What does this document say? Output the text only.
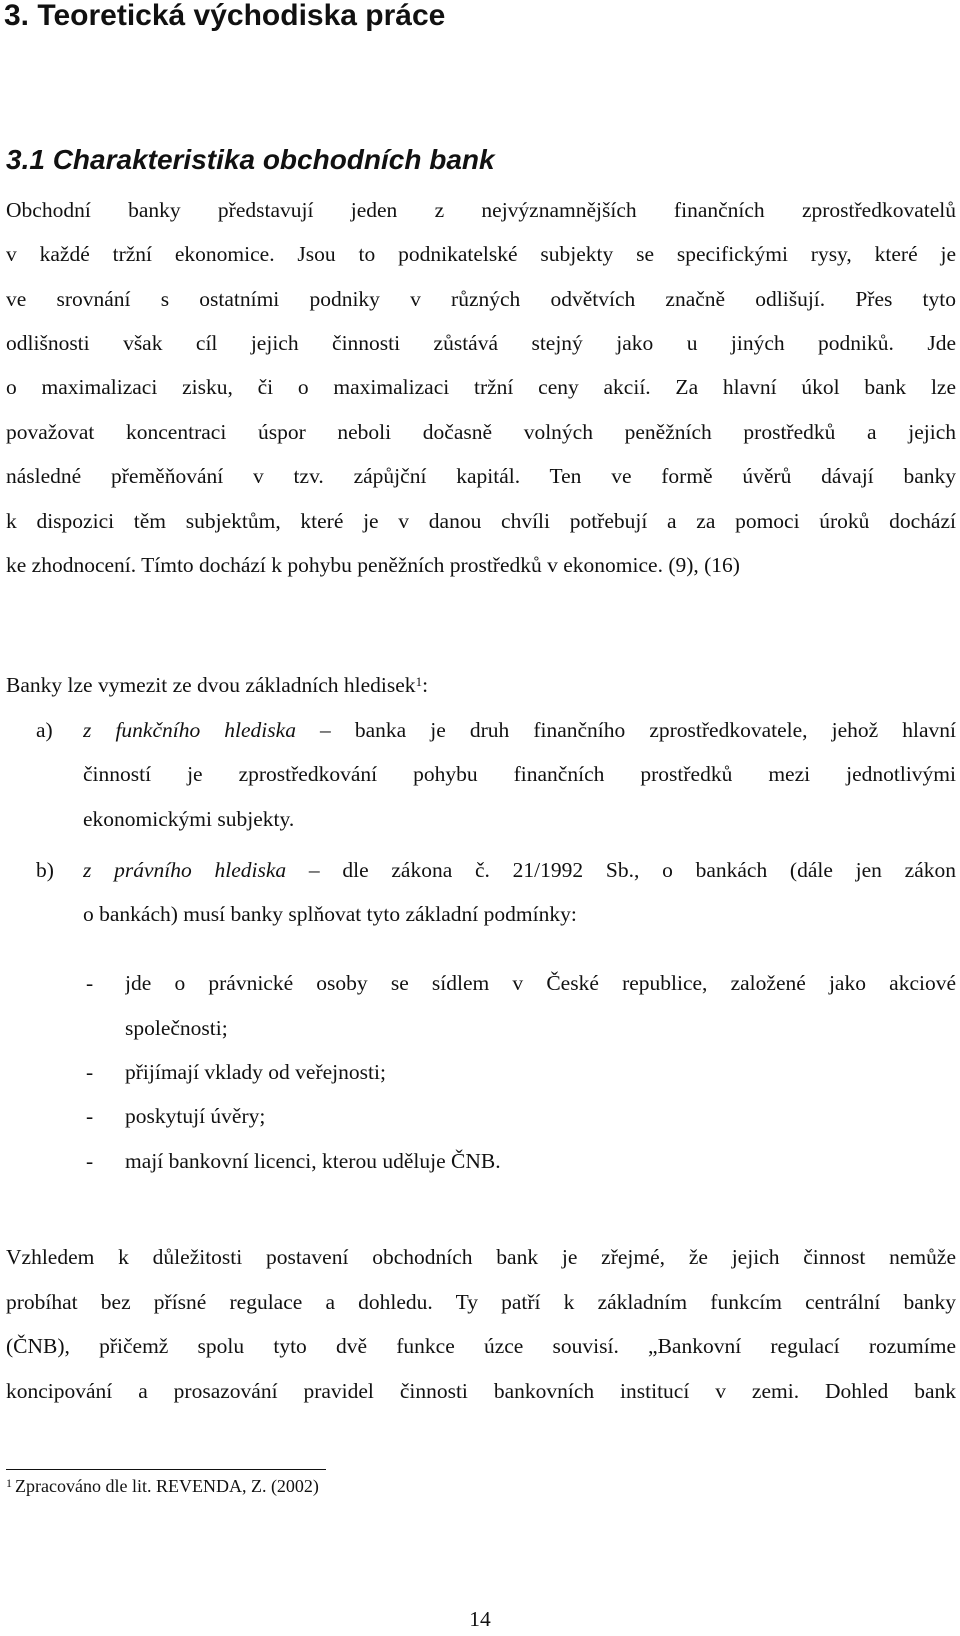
3. Teoretická východiska práce
3.1 Charakteristika obchodních bank
Obchodní banky představují jeden z nejvýznamnějších finančních zprostředkovatelů
v každé tržní ekonomice. Jsou to podnikatelské subjekty se specifickými rysy, které je
ve srovnání s ostatními podniky v různých odvětvích značně odlišují. Přes tyto
odlišnosti však cíl jejich činnosti zůstává stejný jako u jiných podniků. Jde
o maximalizaci zisku, či o maximalizaci tržní ceny akcií. Za hlavní úkol bank lze
považovat koncentraci úspor neboli dočasně volných peněžních prostředků a jejich
následné přeměňování v tzv. zápůjční kapitál. Ten ve formě úvěrů dávají banky
k dispozici těm subjektům, které je v danou chvíli potřebují a za pomoci úroků dochází
ke zhodnocení. Tímto dochází k pohybu peněžních prostředků v ekonomice. (9), (16)
Banky lze vymezit ze dvou základních hledisek$^1$:
a) z funkčního hlediska – banka je druh finančního zprostředkovatele, jehož hlavní
činností je zprostředkování pohybu finančních prostředků mezi jednotlivými
ekonomickými subjekty.
b) z právního hlediska – dle zákona č. 21/1992 Sb., o bankách (dále jen zákon
o bankách) musí banky splňovat tyto základní podmínky:
- jde o právnické osoby se sídlem v České republice, založené jako akciové
společnosti;
- přijímají vklady od veřejnosti;
- poskytují úvěry;
- mají bankovní licenci, kterou uděluje ČNB.
Vzhledem k důležitosti postavení obchodních bank je zřejmé, že jejich činnost nemůže
probíhat bez přísné regulace a dohledu. Ty patří k základním funkcím centrální banky
(ČNB), přičemž spolu tyto dvě funkce úzce souvisí. „Bankovní regulací rozumíme
koncipování a prosazování pravidel činnosti bankovních institucí v zemi. Dohled bank
$^1$ Zpracováno dle lit. REVENDA, Z. (2002)
14
